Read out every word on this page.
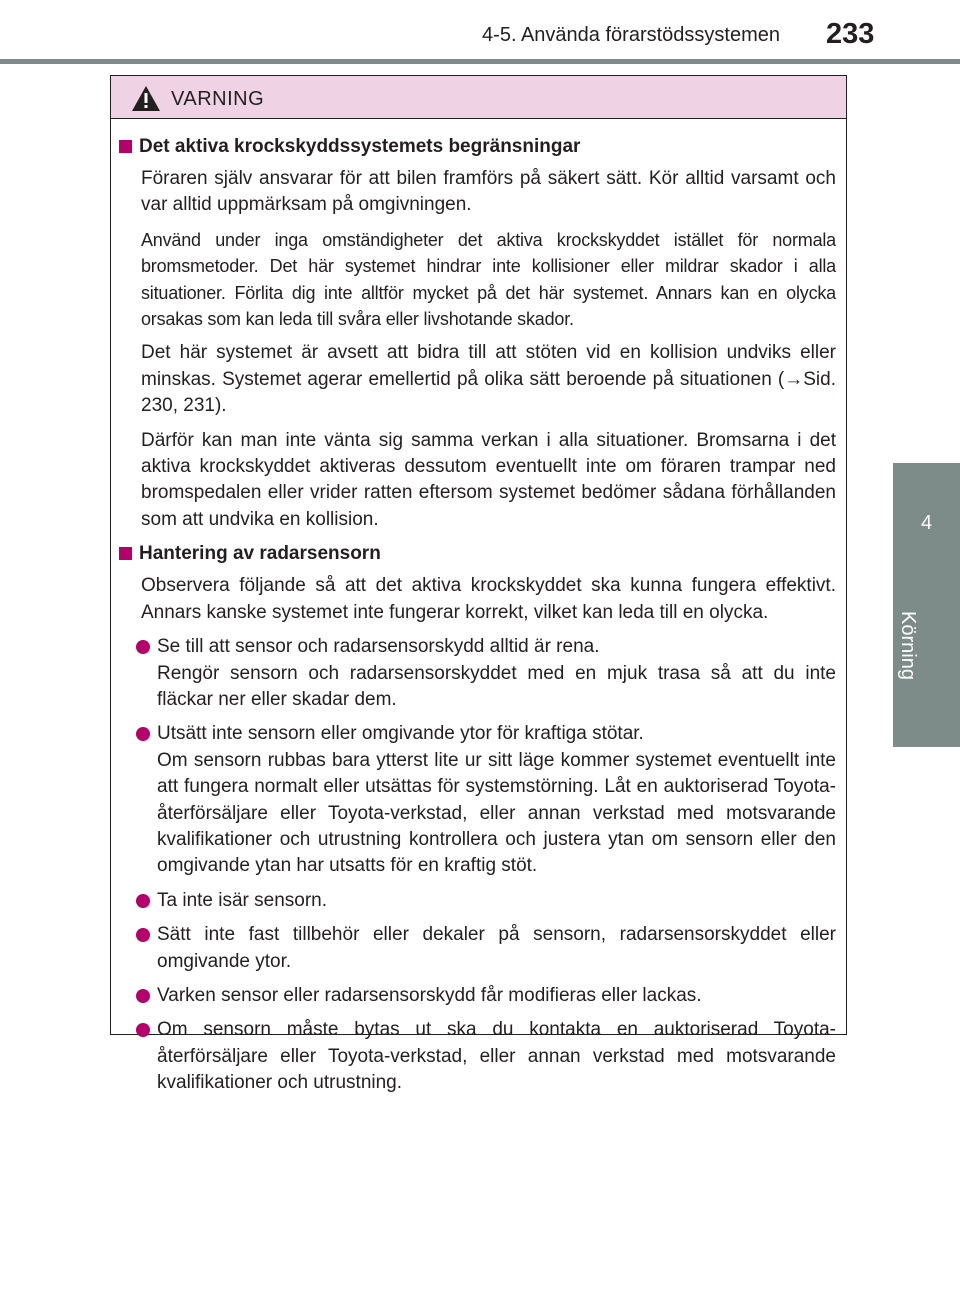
4-5. Använda förarstödssystemen 233
4
Körning
VARNING
Det aktiva krockskyddssystemets begränsningar

Föraren själv ansvarar för att bilen framförs på säkert sätt. Kör alltid varsamt och var alltid uppmärksam på omgivningen.

Använd under inga omständigheter det aktiva krockskyddet istället för normala bromsmetoder. Det här systemet hindrar inte kollisioner eller mildrar skador i alla situationer. Förlita dig inte alltför mycket på det här systemet. Annars kan en olycka orsakas som kan leda till svåra eller livshotande skador.

Det här systemet är avsett att bidra till att stöten vid en kollision undviks eller minskas. Systemet agerar emellertid på olika sätt beroende på situationen (→Sid. 230, 231).

Därför kan man inte vänta sig samma verkan i alla situationer. Bromsarna i det aktiva krockskyddet aktiveras dessutom eventuellt inte om föraren trampar ned bromspedalen eller vrider ratten eftersom systemet bedömer sådana förhållanden som att undvika en kollision.

Hantering av radarsensorn

Observera följande så att det aktiva krockskyddet ska kunna fungera effektivt. Annars kanske systemet inte fungerar korrekt, vilket kan leda till en olycka.

Se till att sensor och radarsensorskydd alltid är rena.
Rengör sensorn och radarsensorskyddet med en mjuk trasa så att du inte fläckar ner eller skadar dem.
Utsätt inte sensorn eller omgivande ytor för kraftiga stötar.
Om sensorn rubbas bara ytterst lite ur sitt läge kommer systemet eventuellt inte att fungera normalt eller utsättas för systemstörning. Låt en auktoriserad Toyota-återförsäljare eller Toyota-verkstad, eller annan verkstad med motsvarande kvalifikationer och utrustning kontrollera och justera ytan om sensorn eller den omgivande ytan har utsatts för en kraftig stöt.
Ta inte isär sensorn.
Sätt inte fast tillbehör eller dekaler på sensorn, radarsensorskyddet eller omgivande ytor.
Varken sensor eller radarsensorskydd får modifieras eller lackas.
Om sensorn måste bytas ut ska du kontakta en auktoriserad Toyota-återförsäljare eller Toyota-verkstad, eller annan verkstad med motsvarande kvalifikationer och utrustning.
